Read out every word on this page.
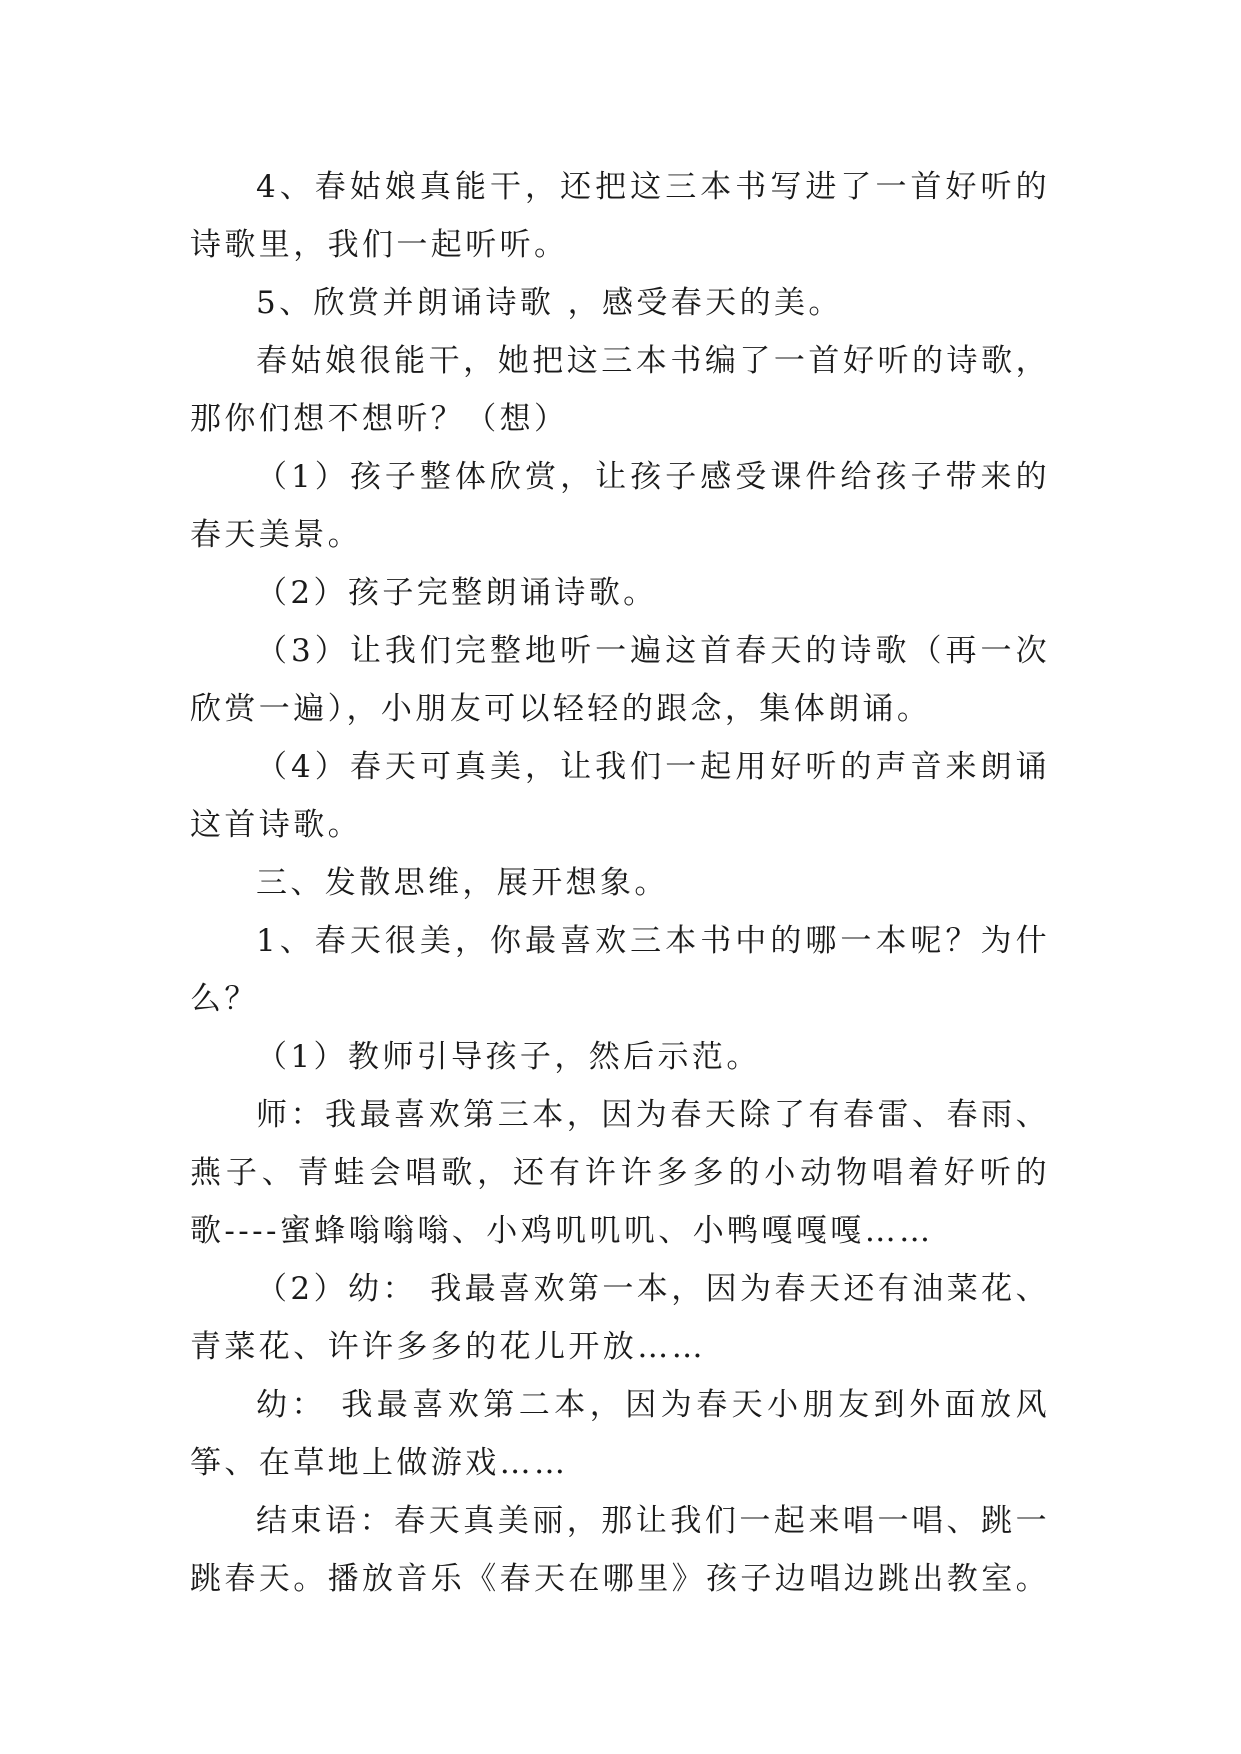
4、春姑娘真能干，还把这三本书写进了一首好听的诗歌里，我们一起听听。

5、欣赏并朗诵诗歌 ，感受春天的美。

春姑娘很能干，她把这三本书编了一首好听的诗歌，那你们想不想听？（想）

（1）孩子整体欣赏，让孩子感受课件给孩子带来的春天美景。

（2）孩子完整朗诵诗歌。

（3）让我们完整地听一遍这首春天的诗歌（再一次欣赏一遍），小朋友可以轻轻的跟念，集体朗诵。

（4）春天可真美，让我们一起用好听的声音来朗诵这首诗歌。

三、发散思维，展开想象。

1、春天很美，你最喜欢三本书中的哪一本呢？为什么？

（1）教师引导孩子，然后示范。

师：我最喜欢第三本，因为春天除了有春雷、春雨、燕子、青蛙会唱歌，还有许许多多的小动物唱着好听的歌----蜜蜂嗡嗡嗡、小鸡叽叽叽、小鸭嘎嘎嘎……

（2）幼： 我最喜欢第一本，因为春天还有油菜花、青菜花、许许多多的花儿开放……

幼： 我最喜欢第二本，因为春天小朋友到外面放风筝、在草地上做游戏……

结束语：春天真美丽，那让我们一起来唱一唱、跳一跳春天。播放音乐《春天在哪里》孩子边唱边跳出教室。
